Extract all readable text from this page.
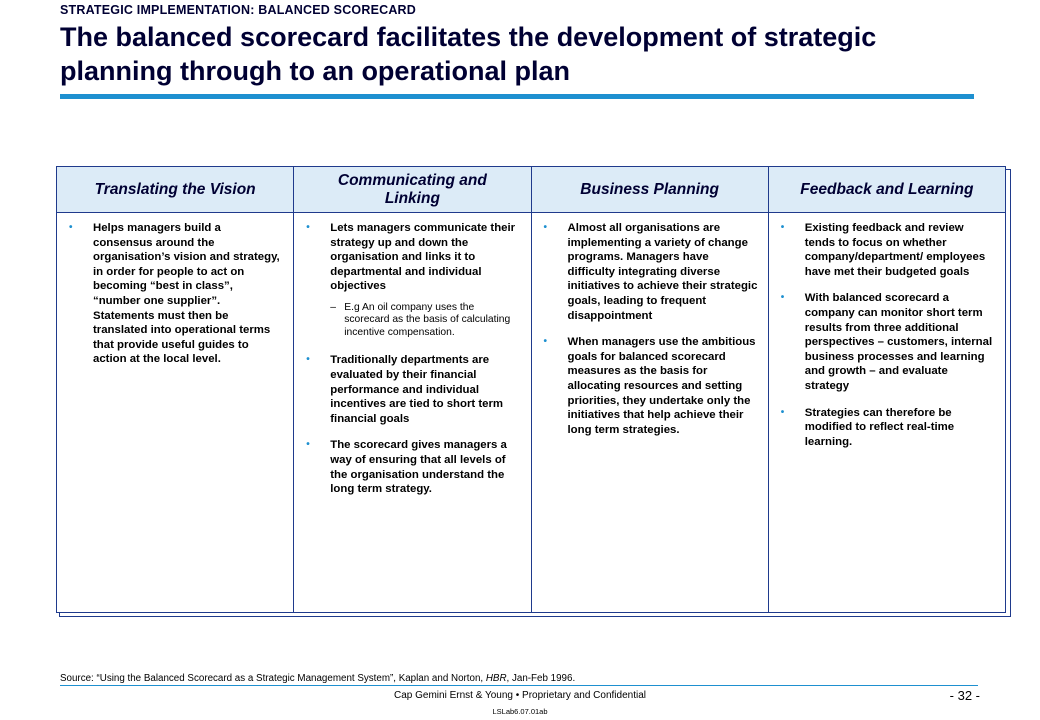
STRATEGIC IMPLEMENTATION: BALANCED SCORECARD
The balanced scorecard facilitates the development of strategic planning through to an operational plan
Translating the Vision
•	Helps managers build a consensus around the organisation’s vision and strategy, in order for people to act on becoming “best in class”, “number one supplier”. Statements must then be translated into operational terms that provide useful guides to action at the local level.
Communicating and Linking
•	Lets managers communicate their strategy up and down the organisation and links it to departmental and individual objectives
– E.g An oil company uses the scorecard as the basis of calculating incentive compensation.
•	Traditionally departments are evaluated by their financial performance and individual incentives are tied to short term financial goals
•	The scorecard gives managers a way of ensuring that all levels of the organisation understand the long term strategy.
Business Planning
•	Almost all organisations are implementing a variety of change programs. Managers have difficulty integrating diverse initiatives to achieve their strategic goals, leading to frequent disappointment
•	When managers use the ambitious goals for balanced scorecard measures as the basis for allocating resources and setting priorities, they undertake only the initiatives that help achieve their long term strategies.
Feedback and Learning
•	Existing feedback and review tends to focus on whether company/department/ employees have met their budgeted goals
•	With balanced scorecard a company can monitor short term results from three additional perspectives – customers, internal business processes and learning and growth – and evaluate strategy
•	Strategies can therefore be modified to reflect real-time learning.
Source: “Using the Balanced Scorecard as a Strategic Management System”, Kaplan and Norton, HBR, Jan-Feb 1996.
Cap Gemini Ernst & Young • Proprietary and Confidential
LSLab6.07.01ab
- 32 -
